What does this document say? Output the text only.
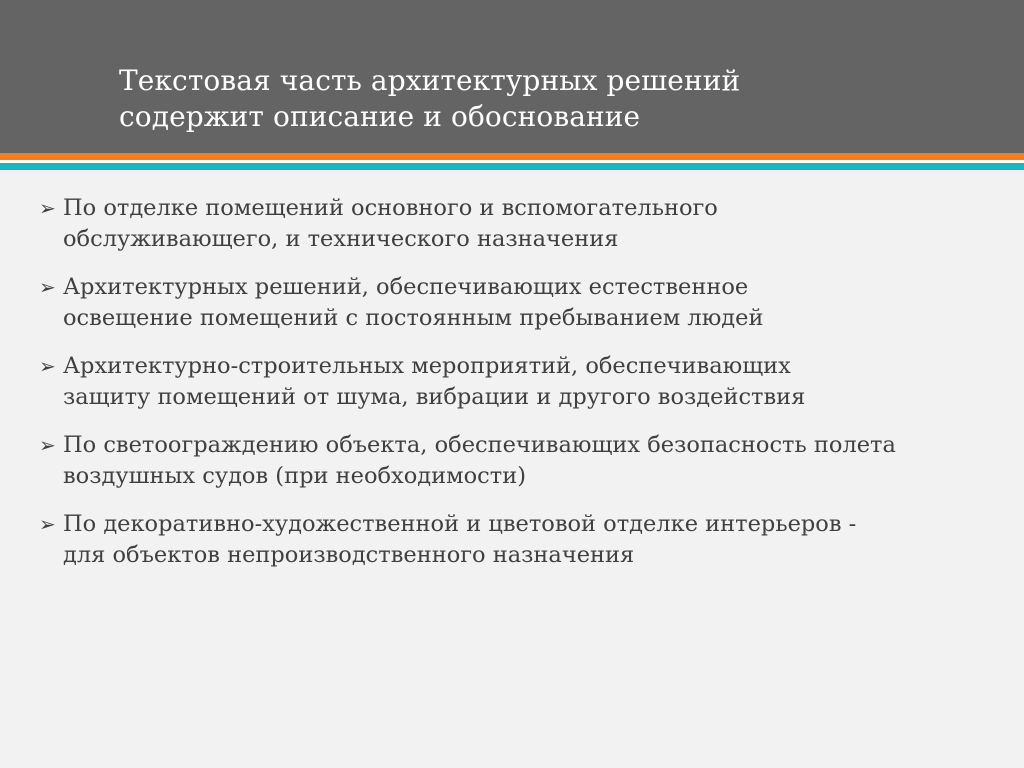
Текстовая часть архитектурных решений
содержит описание и обоснование
➢ По отделке помещений основного и вспомогательного
обслуживающего, и технического назначения
➢ Архитектурных решений, обеспечивающих естественное
освещение помещений с постоянным пребыванием людей
➢ Архитектурно-строительных мероприятий, обеспечивающих
защиту помещений от шума, вибрации и другого воздействия
➢ По светоограждению объекта, обеспечивающих безопасность полета
воздушных судов (при необходимости)
➢ По декоративно-художественной и цветовой отделке интерьеров -
для объектов непроизводственного назначения
